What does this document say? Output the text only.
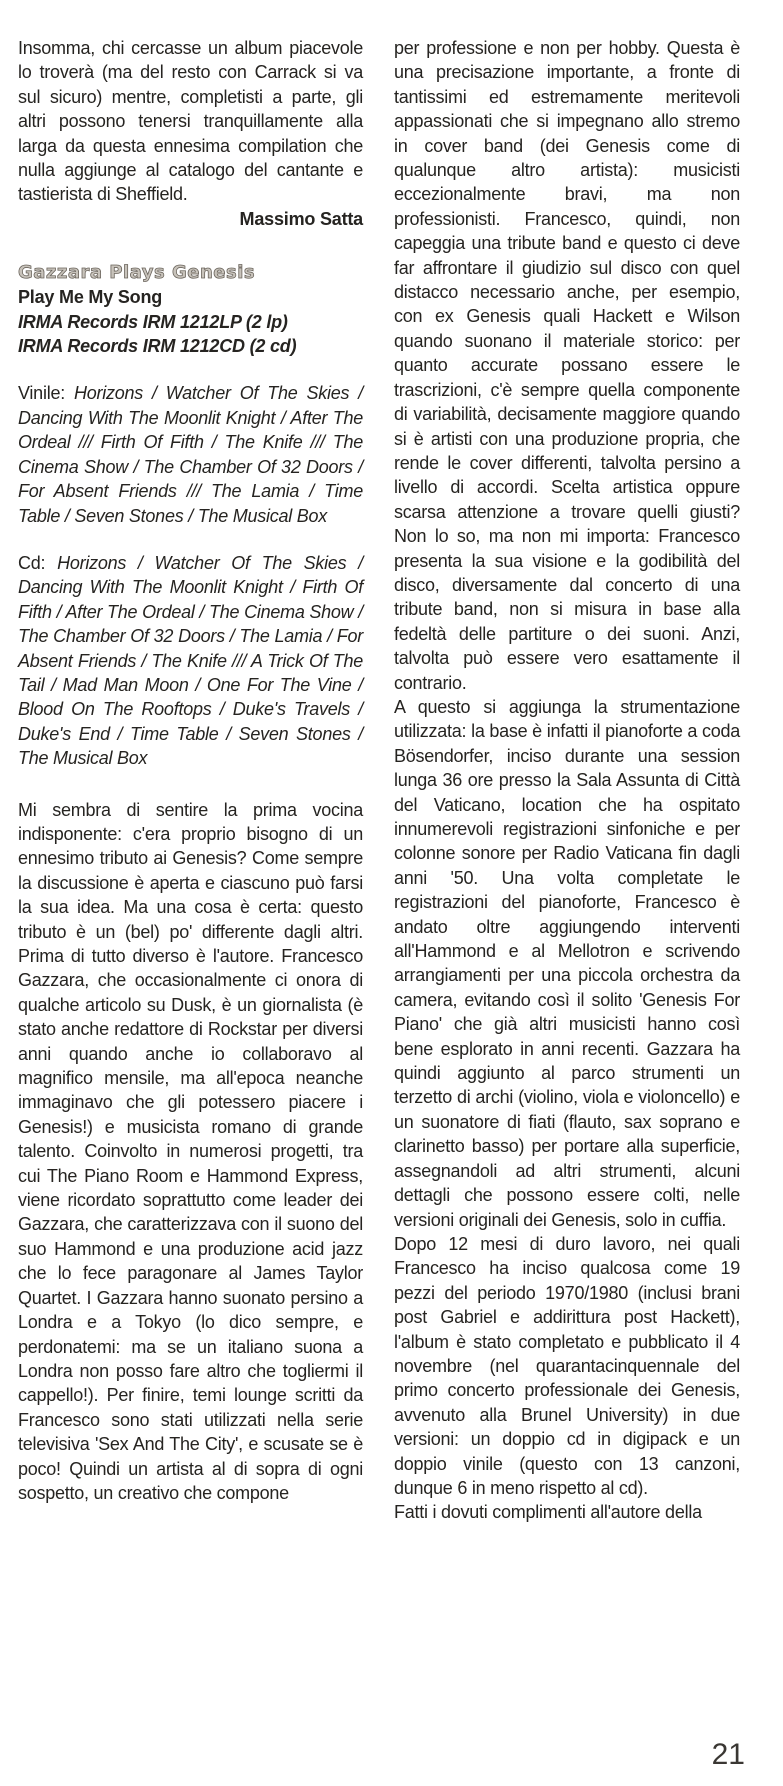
Insomma, chi cercasse un album piacevole lo troverà (ma del resto con Carrack si va sul sicuro) mentre, completisti a parte, gli altri possono tenersi tranquillamente alla larga da questa ennesima compilation che nulla aggiunge al catalogo del cantante e tastierista di Sheffield.

Massimo Satta
Gazzara Plays Genesis
Play Me My Song
IRMA Records IRM 1212LP (2 lp)
IRMA Records IRM 1212CD (2 cd)

Vinile: Horizons / Watcher Of The Skies / Dancing With The Moonlit Knight / After The Ordeal /// Firth Of Fifth / The Knife /// The Cinema Show / The Chamber Of 32 Doors / For Absent Friends /// The Lamia / Time Table / Seven Stones / The Musical Box

Cd: Horizons / Watcher Of The Skies / Dancing With The Moonlit Knight / Firth Of Fifth / After The Ordeal / The Cinema Show / The Chamber Of 32 Doors / The Lamia / For Absent Friends / The Knife /// A Trick Of The Tail / Mad Man Moon / One For The Vine / Blood On The Rooftops / Duke's Travels / Duke's End / Time Table / Seven Stones / The Musical Box

Mi sembra di sentire la prima vocina indisponente: c'era proprio bisogno di un ennesimo tributo ai Genesis? Come sempre la discussione è aperta e ciascuno può farsi la sua idea. Ma una cosa è certa: questo tributo è un (bel) po' differente dagli altri. Prima di tutto diverso è l'autore. Francesco Gazzara, che occasionalmente ci onora di qualche articolo su Dusk, è un giornalista (è stato anche redattore di Rockstar per diversi anni quando anche io collaboravo al magnifico mensile, ma all'epoca neanche immaginavo che gli potessero piacere i Genesis!) e musicista romano di grande talento. Coinvolto in numerosi progetti, tra cui The Piano Room e Hammond Express, viene ricordato soprattutto come leader dei Gazzara, che caratterizzava con il suono del suo Hammond e una produzione acid jazz che lo fece paragonare al James Taylor Quartet. I Gazzara hanno suonato persino a Londra e a Tokyo (lo dico sempre, e perdonatemi: ma se un italiano suona a Londra non posso fare altro che togliermi il cappello!). Per finire, temi lounge scritti da Francesco sono stati utilizzati nella serie televisiva 'Sex And The City', e scusate se è poco! Quindi un artista al di sopra di ogni sospetto, un creativo che compone

per professione e non per hobby. Questa è una precisazione importante, a fronte di tantissimi ed estremamente meritevoli appassionati che si impegnano allo stremo in cover band (dei Genesis come di qualunque altro artista): musicisti eccezionalmente bravi, ma non professionisti. Francesco, quindi, non capeggia una tribute band e questo ci deve far affrontare il giudizio sul disco con quel distacco necessario anche, per esempio, con ex Genesis quali Hackett e Wilson quando suonano il materiale storico: per quanto accurate possano essere le trascrizioni, c'è sempre quella componente di variabilità, decisamente maggiore quando si è artisti con una produzione propria, che rende le cover differenti, talvolta persino a livello di accordi. Scelta artistica oppure scarsa attenzione a trovare quelli giusti? Non lo so, ma non mi importa: Francesco presenta la sua visione e la godibilità del disco, diversamente dal concerto di una tribute band, non si misura in base alla fedeltà delle partiture o dei suoni. Anzi, talvolta può essere vero esattamente il contrario.

A questo si aggiunga la strumentazione utilizzata: la base è infatti il pianoforte a coda Bösendorfer, inciso durante una session lunga 36 ore presso la Sala Assunta di Città del Vaticano, location che ha ospitato innumerevoli registrazioni sinfoniche e per colonne sonore per Radio Vaticana fin dagli anni '50. Una volta completate le registrazioni del pianoforte, Francesco è andato oltre aggiungendo interventi all'Hammond e al Mellotron e scrivendo arrangiamenti per una piccola orchestra da camera, evitando così il solito 'Genesis For Piano' che già altri musicisti hanno così bene esplorato in anni recenti. Gazzara ha quindi aggiunto al parco strumenti un terzetto di archi (violino, viola e violoncello) e un suonatore di fiati (flauto, sax soprano e clarinetto basso) per portare alla superficie, assegnandoli ad altri strumenti, alcuni dettagli che possono essere colti, nelle versioni originali dei Genesis, solo in cuffia.

Dopo 12 mesi di duro lavoro, nei quali Francesco ha inciso qualcosa come 19 pezzi del periodo 1970/1980 (inclusi brani post Gabriel e addirittura post Hackett), l'album è stato completato e pubblicato il 4 novembre (nel quarantacinquennale del primo concerto professionale dei Genesis, avvenuto alla Brunel University) in due versioni: un doppio cd in digipack e un doppio vinile (questo con 13 canzoni, dunque 6 in meno rispetto al cd).

Fatti i dovuti complimenti all'autore della

21
